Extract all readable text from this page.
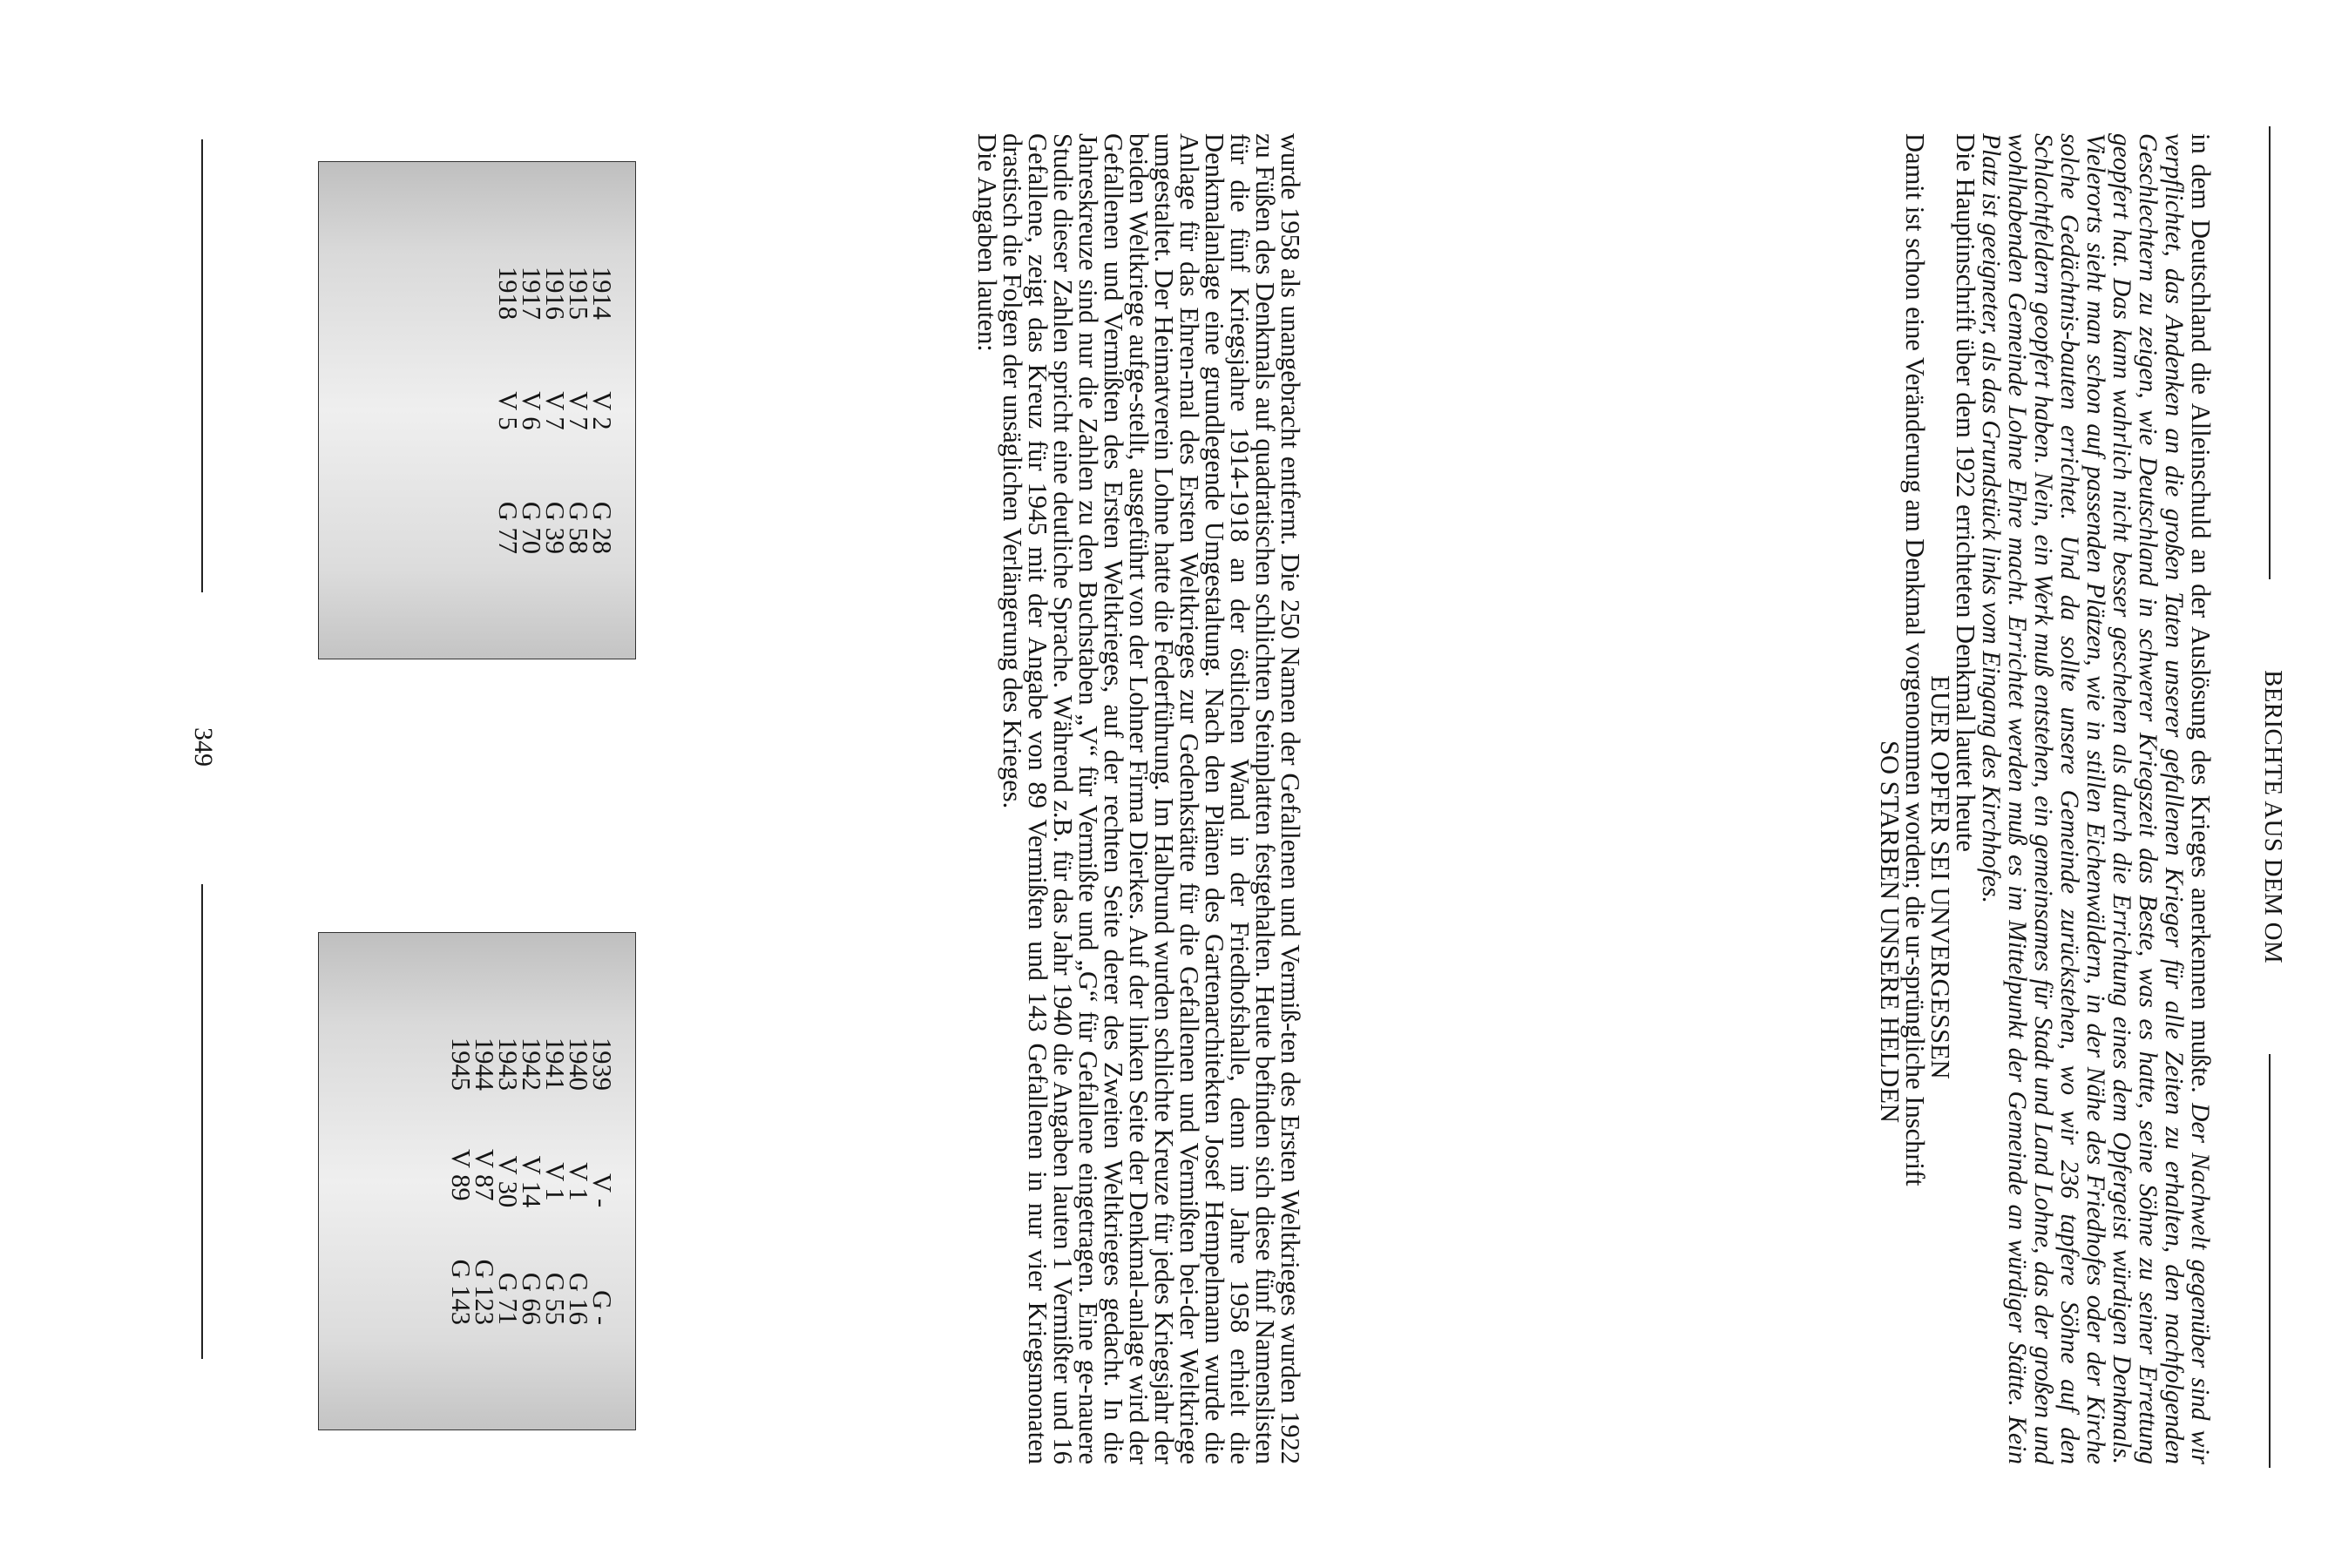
BERICHTE AUS DEM OM

in dem Deutschland die Alleinschuld an der Auslösung des Krieges anerkennen mußte. Der Nachwelt gegenüber sind wir verpflichtet, das Andenken an die großen Taten unserer gefallenen Krieger für alle Zeiten zu erhalten, den nachfolgenden Geschlechtern zu zeigen, wie Deutschland in schwerer Kriegszeit das Beste, was es hatte, seine Söhne zu seiner Errettung geopfert hat. Das kann wahrlich nicht besser geschehen als durch die Errichtung eines dem Opfergeist würdigen Denkmals. Vielerorts sieht man schon auf passenden Plätzen, wie in stillen Eichenwäldern, in der Nähe des Friedhofes oder der Kirche solche Gedächtnis-bauten errichtet. Und da sollte unsere Gemeinde zurückstehen, wo wir 236 tapfere Söhne auf den Schlachtfeldern geopfert haben. Nein, ein Werk muß entstehen, ein gemeinsames für Stadt und Land Lohne, das der großen und wohlhabenden Gemeinde Lohne Ehre macht. Errichtet werden muß es im Mittelpunkt der Gemeinde an würdiger Stätte. Kein Platz ist geeigneter, als das Grundstück links vom Eingang des Kirchhofes.

Die Hauptinschrift über dem 1922 errichteten Denkmal lautet heute

EUER OPFER SEI UNVERGESSEN

Damit ist schon eine Veränderung am Denkmal vorgenommen worden; die ur-sprüngliche Inschrift

SO STARBEN UNSERE HELDEN

wurde 1958 als unangebracht entfernt. Die 250 Namen der Gefallenen und Vermiß-ten des Ersten Weltkrieges wurden 1922 zu Füßen des Denkmals auf quadratischen schlichten Steinplatten festgehalten. Heute befinden sich diese fünf Namenslisten für die fünf Kriegsjahre 1914-1918 an der östlichen Wand in der Friedhofshalle, denn im Jahre 1958 erhielt die Denkmalanlage eine grundlegende Umgestaltung. Nach den Plänen des Gartenarchitekten Josef Hempelmann wurde die Anlage für das Ehren-mal des Ersten Weltkrieges zur Gedenkstätte für die Gefallenen und Vermißten bei-der Weltkriege umgestaltet. Der Heimatverein Lohne hatte die Federführung. Im Halbrund wurden schlichte Kreuze für jedes Kriegsjahr der beiden Weltkriege aufge-stellt, ausgeführt von der Lohner Firma Dierkes. Auf der linken Seite der Denkmal-anlage wird der Gefallenen und Vermißten des Ersten Weltkrieges, auf der rechten Seite derer des Zweiten Weltkrieges gedacht. In die Jahreskreuze sind nur die Zahlen zu den Buchstaben „V“ für Vermißte und „G“ für Gefallene eingetragen. Eine ge-nauere Studie dieser Zahlen spricht eine deutliche Sprache. Während z.B. für das Jahr 1940 die Angaben lauten 1 Vermißter und 16 Gefallene, zeigt das Kreuz für 1945 mit der Angabe von 89 Vermißten und 143 Gefallenen in nur vier Kriegsmonaten drastisch die Folgen der unsäglichen Verlängerung des Krieges.

Die Angaben lauten:

1914
V 2
G 28
1915
V 7
G 58
1916
V 7
G 39
1917
V 6
G 70
1918
V 5
G 77
1939
V -
G -
1940
V 1
G 16
1941
V 1
G 55
1942
V 14
G 66
1943
V 30
G 71
1944
V 87
G 123
1945
V 89
G 143
349
